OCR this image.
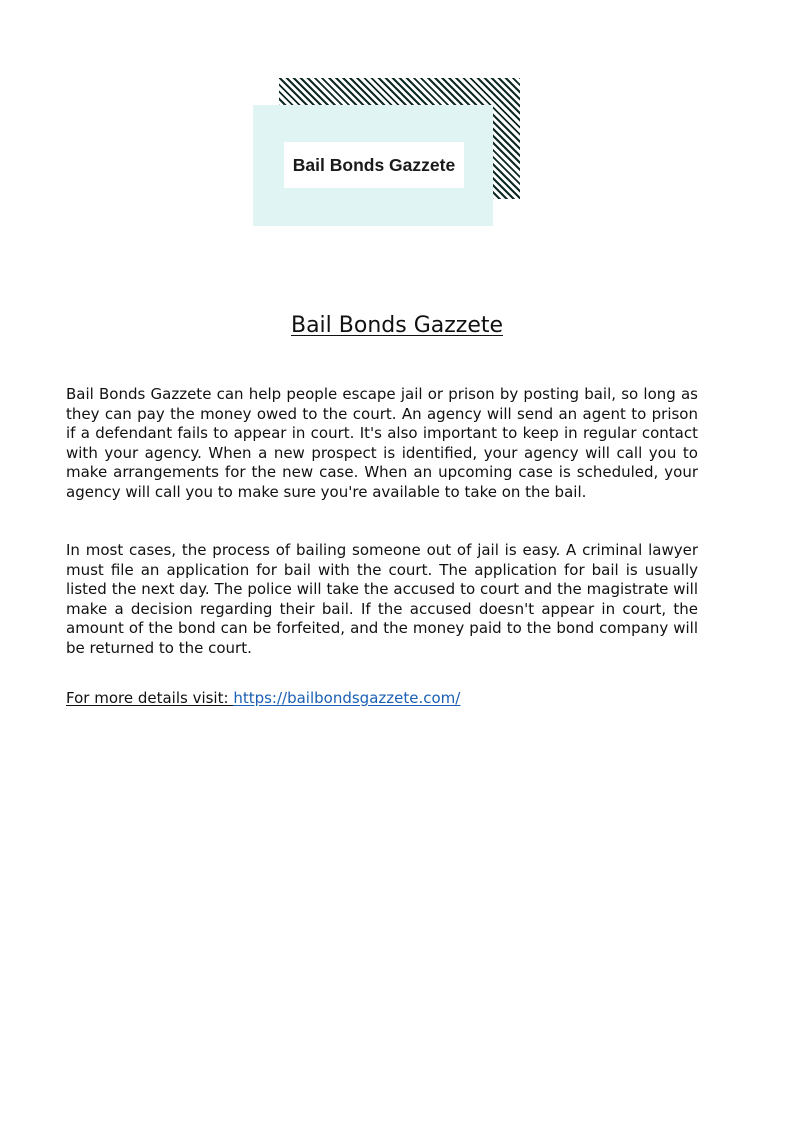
Bail Bonds Gazzete
Bail Bonds Gazzete

Bail Bonds Gazzete can help people escape jail or prison by posting bail, so long as they can pay the money owed to the court. An agency will send an agent to prison if a defendant fails to appear in court. It's also important to keep in regular contact with your agency. When a new prospect is identified, your agency will call you to make arrangements for the new case. When an upcoming case is scheduled, your agency will call you to make sure you're available to take on the bail.

In most cases, the process of bailing someone out of jail is easy. A criminal lawyer must file an application for bail with the court. The application for bail is usually listed the next day. The police will take the accused to court and the magistrate will make a decision regarding their bail. If the accused doesn't appear in court, the amount of the bond can be forfeited, and the money paid to the bond company will be returned to the court.

For more details visit: https://bailbondsgazzete.com/
